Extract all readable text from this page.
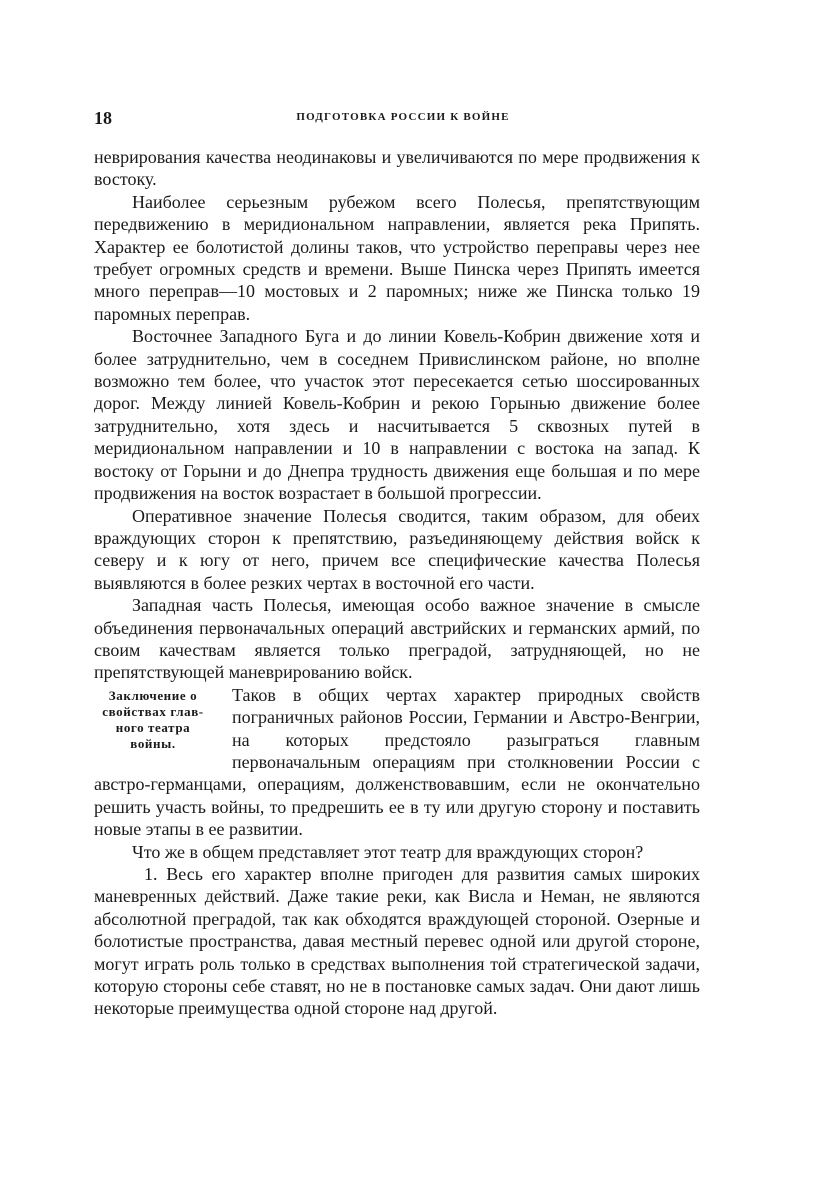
18	ПОДГОТОВКА РОССИИ К ВОЙНЕ

неврирования качества неодинаковы и увеличиваются по мере продвижения к востоку.

Наиболее серьезным рубежом всего Полесья, препятствующим передвижению в меридиональном направлении, является река Припять. Характер ее болотистой долины таков, что устройство переправы через нее требует огромных средств и времени. Выше Пинска через Припять имеется много переправ—10 мостовых и 2 паромных; ниже же Пинска только 19 паромных переправ.

Восточнее Западного Буга и до линии Ковель-Кобрин движение хотя и более затруднительно, чем в соседнем Привислинском районе, но вполне возможно тем более, что участок этот пересекается сетью шоссированных дорог. Между линией Ковель-Кобрин и рекою Горынью движение более затруднительно, хотя здесь и насчитывается 5 сквозных путей в меридиональном направлении и 10 в направлении с востока на запад. К востоку от Горыни и до Днепра трудность движения еще большая и по мере продвижения на восток возрастает в большой прогрессии.

Оперативное значение Полесья сводится, таким образом, для обеих враждующих сторон к препятствию, разъединяющему действия войск к северу и к югу от него, причем все специфические качества Полесья выявляются в более резких чертах в восточной его части.

Западная часть Полесья, имеющая особо важное значение в смысле объединения первоначальных операций австрийских и германских армий, по своим качествам является только преградой, затрудняющей, но не препятствующей маневрированию войск.

Заключение о
свойствах глав-
ного театра
войны.

Таков в общих чертах характер природных свойств пограничных районов России, Германии и Австро-Венгрии, на которых предстояло разыграться главным первоначальным операциям при столкновении России с австро-германцами, операциям, долженствовавшим, если не окончательно решить участь войны, то предрешить ее в ту или другую сторону и поставить новые этапы в ее развитии.

Что же в общем представляет этот театр для враждующих сторон?

1. Весь его характер вполне пригоден для развития самых широких маневренных действий. Даже такие реки, как Висла и Неман, не являются абсолютной преградой, так как обходятся враждующей стороной. Озерные и болотистые пространства, давая местный перевес одной или другой стороне, могут играть роль только в средствах выполнения той стратегической задачи, которую стороны себе ставят, но не в постановке самых задач. Они дают лишь некоторые преимущества одной стороне над другой.
